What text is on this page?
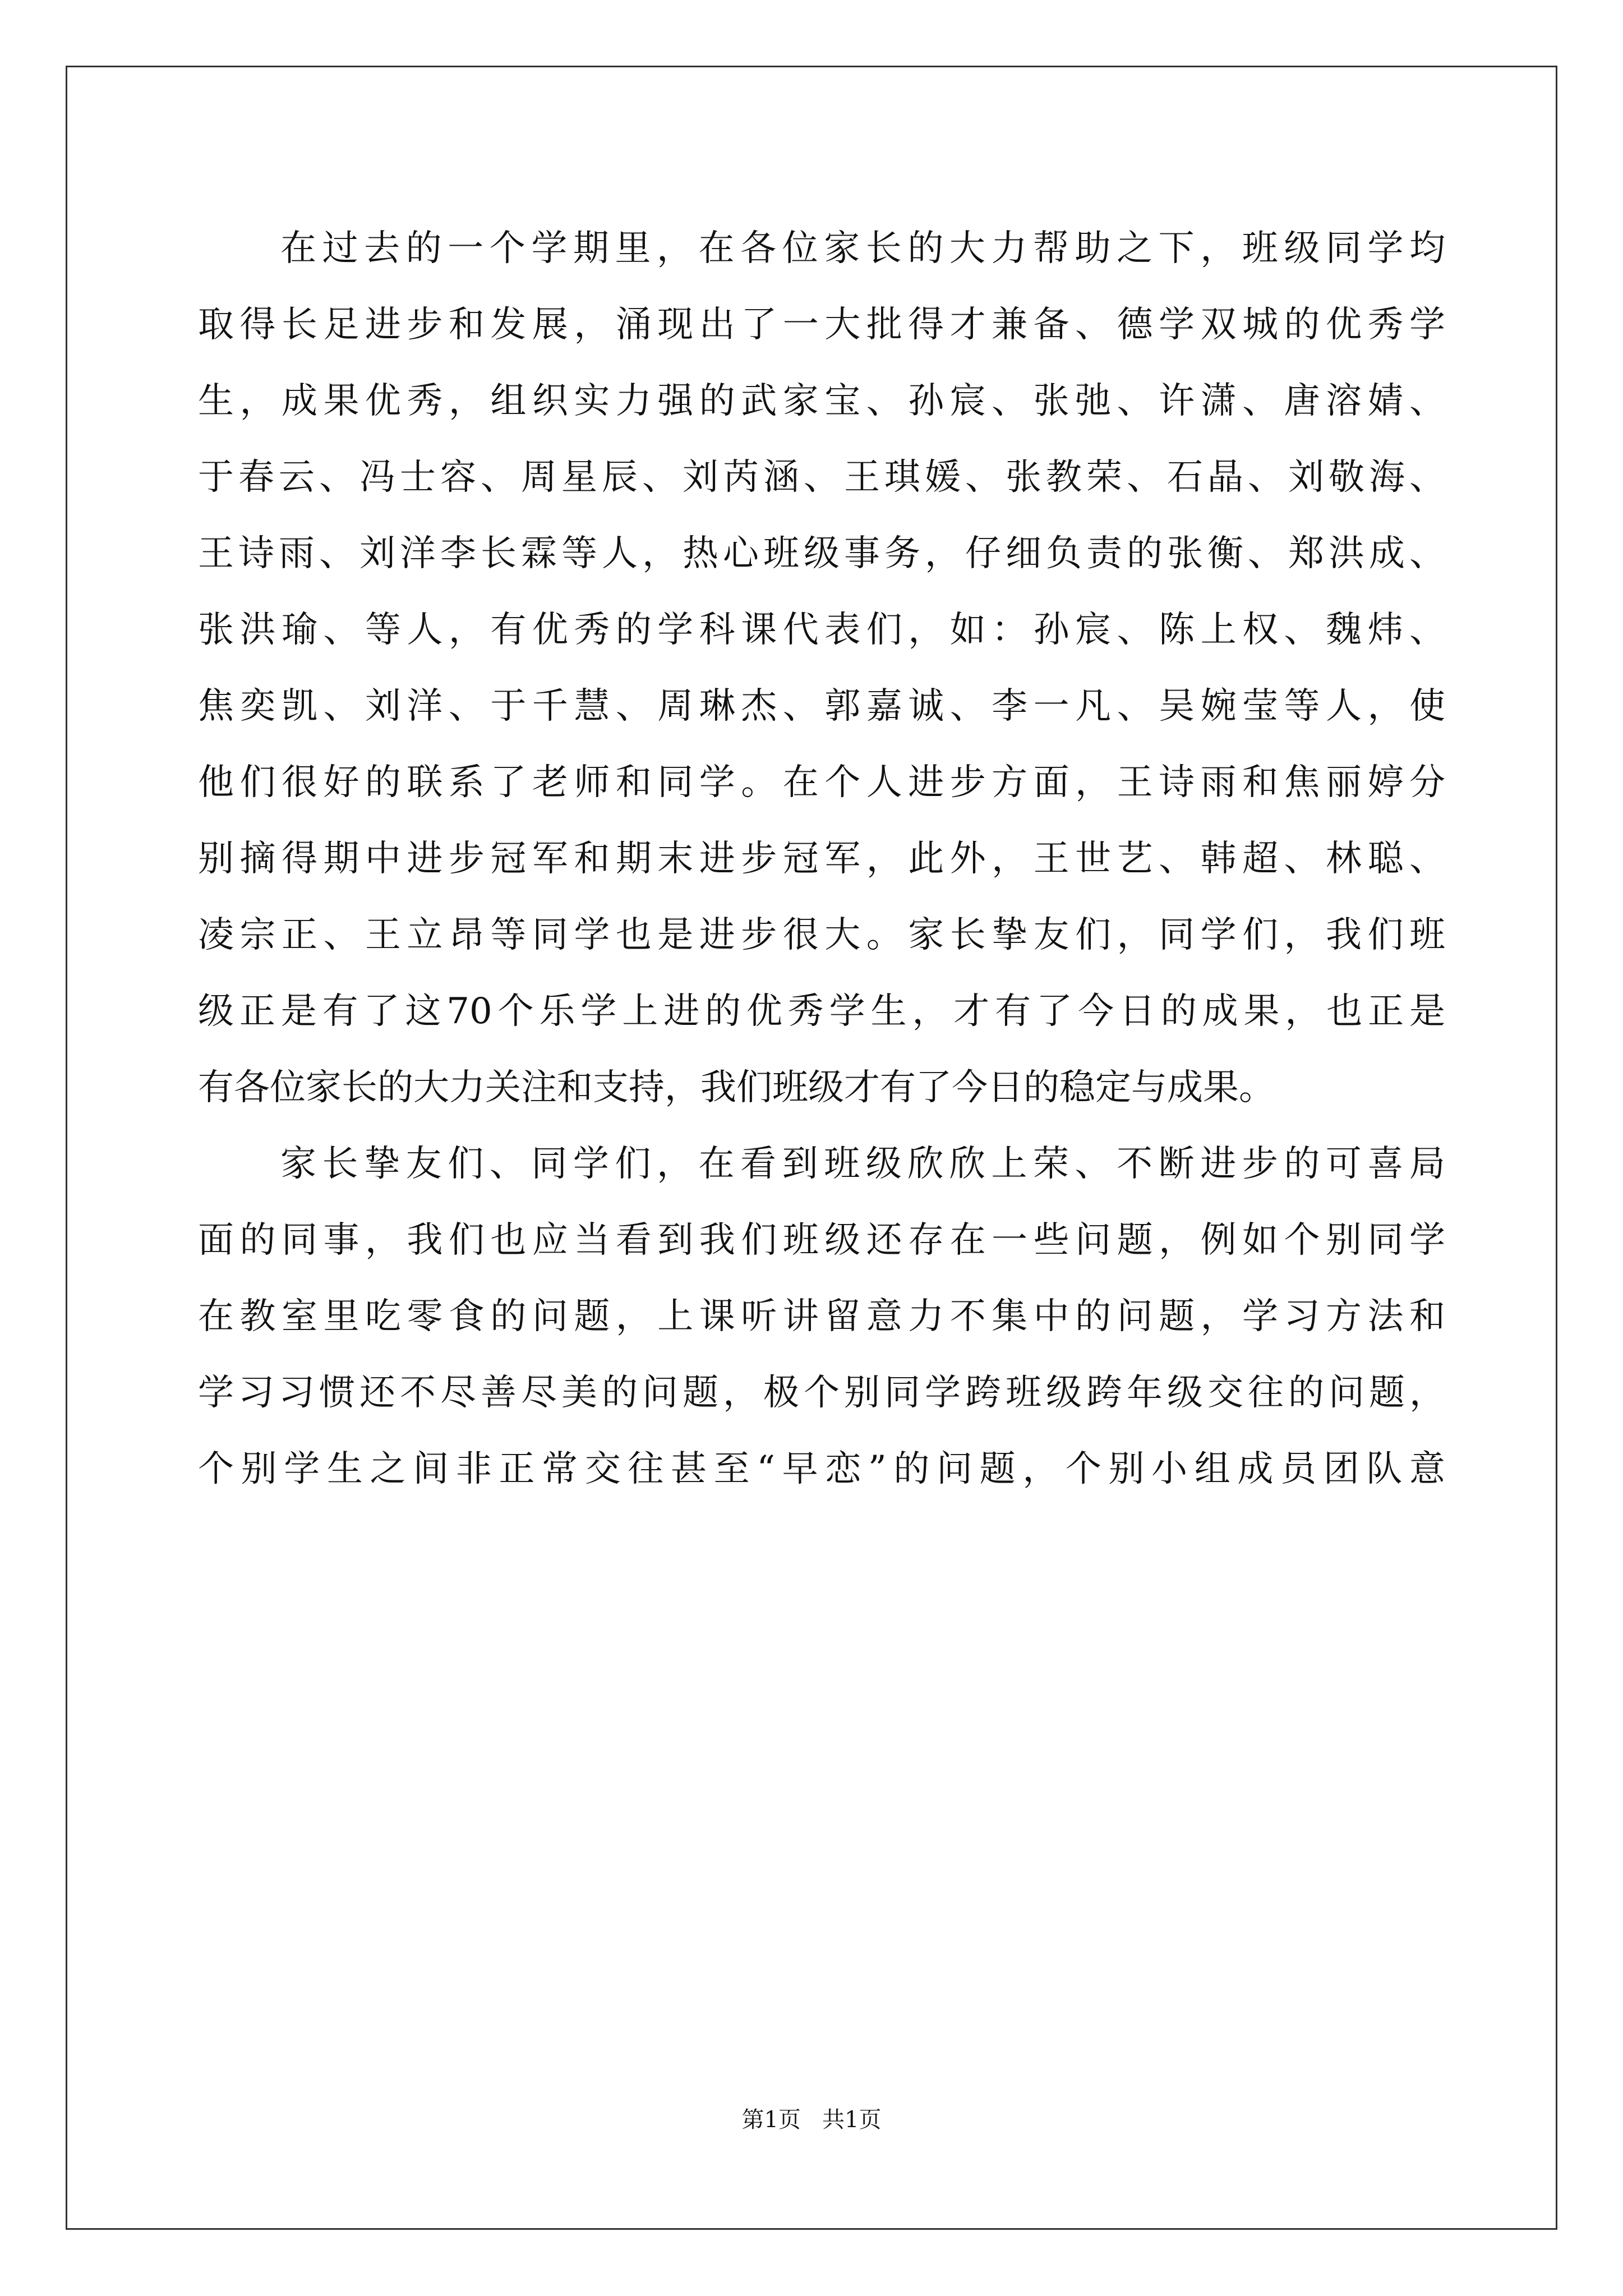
在过去的一个学期里，在各位家长的大力帮助之下，班级同学均
取得长足进步和发展，涌现出了一大批得才兼备、德学双城的优秀学
生，成果优秀，组织实力强的武家宝、孙宸、张弛、许潇、唐溶婧、
于春云、冯士容、周星辰、刘芮涵、王琪媛、张教荣、石晶、刘敬海、
王诗雨、刘洋李长霖等人，热心班级事务，仔细负责的张衡、郑洪成、
张洪瑜、等人，有优秀的学科课代表们，如：孙宸、陈上权、魏炜、
焦奕凯、刘洋、于千慧、周琳杰、郭嘉诚、李一凡、吴婉莹等人，使
他们很好的联系了老师和同学。在个人进步方面，王诗雨和焦丽婷分
别摘得期中进步冠军和期末进步冠军，此外，王世艺、韩超、林聪、
凌宗正、王立昂等同学也是进步很大。家长挚友们，同学们，我们班
级正是有了这70个乐学上进的优秀学生，才有了今日的成果，也正是
有各位家长的大力关注和支持，我们班级才有了今日的稳定与成果。
家长挚友们、同学们，在看到班级欣欣上荣、不断进步的可喜局
面的同事，我们也应当看到我们班级还存在一些问题，例如个别同学
在教室里吃零食的问题，上课听讲留意力不集中的问题，学习方法和
学习习惯还不尽善尽美的问题，极个别同学跨班级跨年级交往的问题，
个别学生之间非正常交往甚至“早恋”的问题，个别小组成员团队意
第1页   共1页
